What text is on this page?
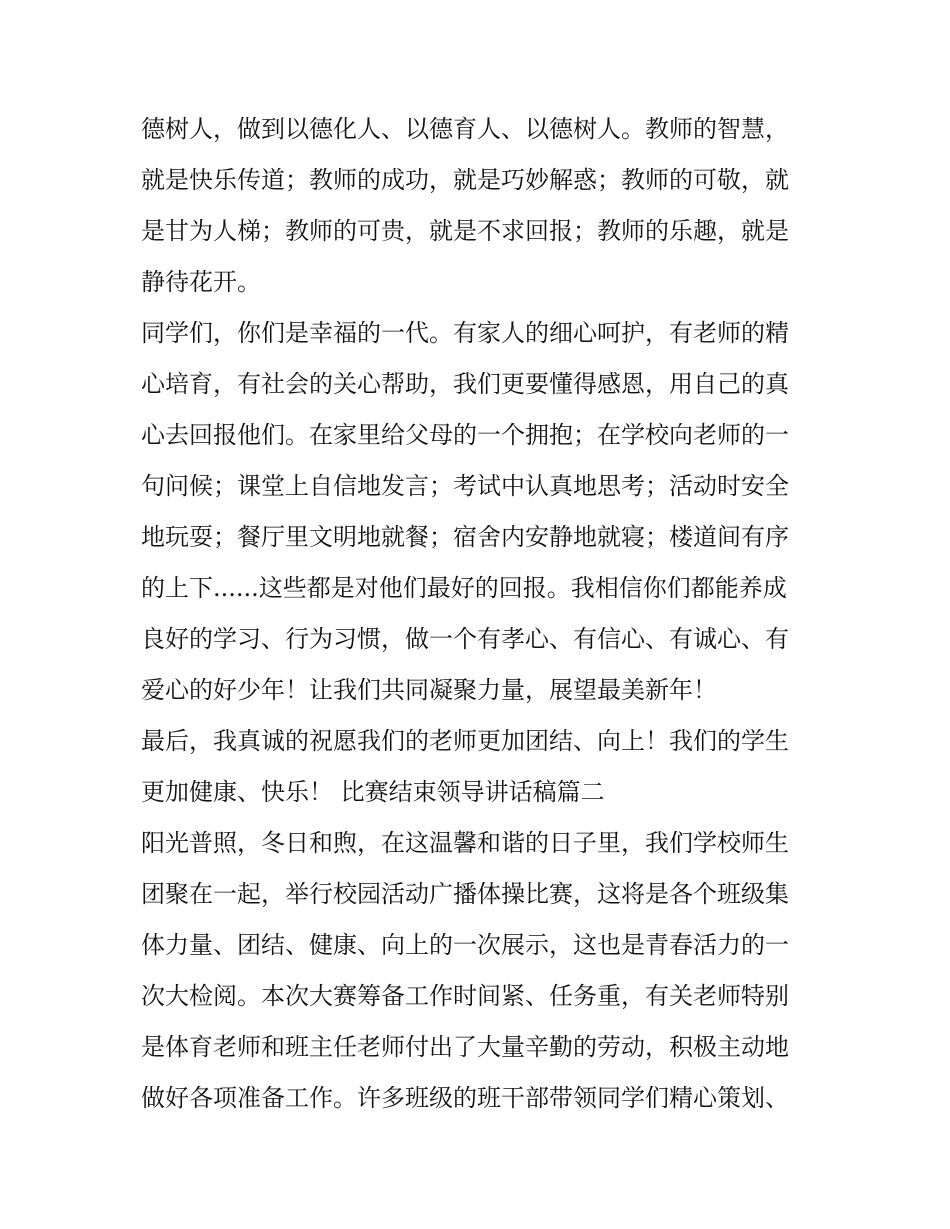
德树人，做到以德化人、以德育人、以德树人。教师的智慧，
就是快乐传道；教师的成功，就是巧妙解惑；教师的可敬，就
是甘为人梯；教师的可贵，就是不求回报；教师的乐趣，就是
静待花开。
同学们，你们是幸福的一代。有家人的细心呵护，有老师的精
心培育，有社会的关心帮助，我们更要懂得感恩，用自己的真
心去回报他们。在家里给父母的一个拥抱；在学校向老师的一
句问候；课堂上自信地发言；考试中认真地思考；活动时安全
地玩耍；餐厅里文明地就餐；宿舍内安静地就寝；楼道间有序
的上下......这些都是对他们最好的回报。我相信你们都能养成
良好的学习、行为习惯，做一个有孝心、有信心、有诚心、有
爱心的好少年！让我们共同凝聚力量，展望最美新年！
最后，我真诚的祝愿我们的老师更加团结、向上！我们的学生
更加健康、快乐！ 比赛结束领导讲话稿篇二
阳光普照，冬日和煦，在这温馨和谐的日子里，我们学校师生
团聚在一起，举行校园活动广播体操比赛，这将是各个班级集
体力量、团结、健康、向上的一次展示，这也是青春活力的一
次大检阅。本次大赛筹备工作时间紧、任务重，有关老师特别
是体育老师和班主任老师付出了大量辛勤的劳动，积极主动地
做好各项准备工作。许多班级的班干部带领同学们精心策划、
